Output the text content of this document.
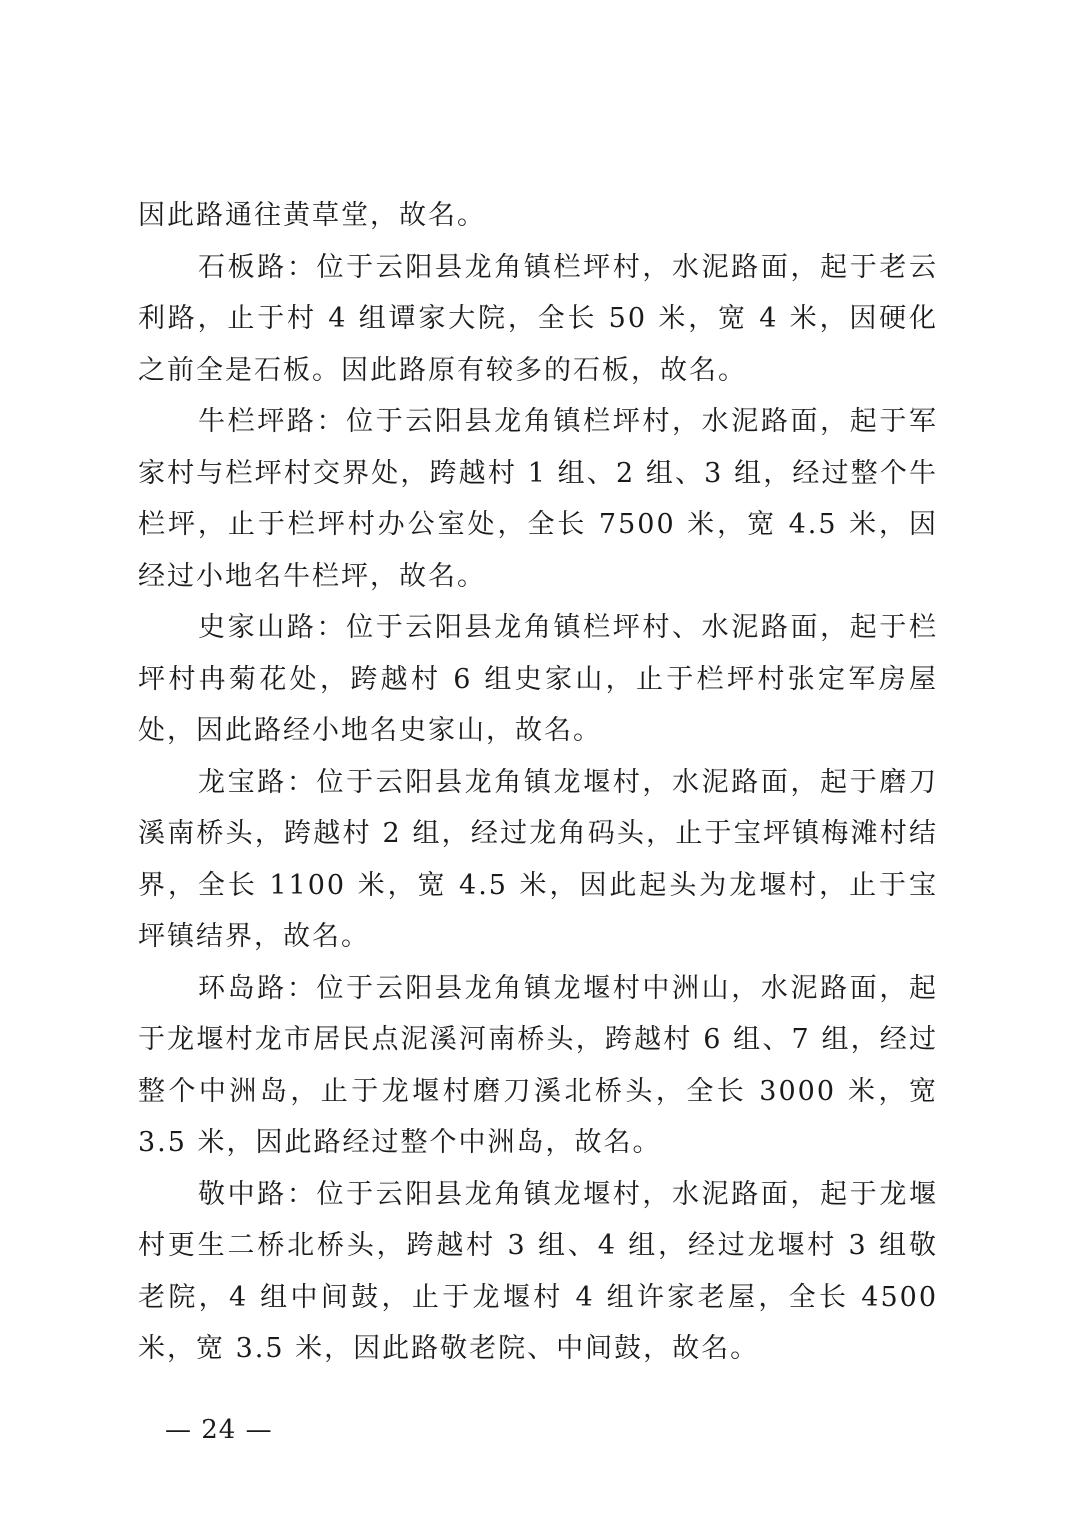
因此路通往黄草堂，故名。

石板路：位于云阳县龙角镇栏坪村，水泥路面，起于老云利路，止于村 4 组谭家大院，全长 50 米，宽 4 米，因硬化之前全是石板。因此路原有较多的石板，故名。

牛栏坪路：位于云阳县龙角镇栏坪村，水泥路面，起于军家村与栏坪村交界处，跨越村 1 组、2 组、3 组，经过整个牛栏坪，止于栏坪村办公室处，全长 7500 米，宽 4.5 米，因经过小地名牛栏坪，故名。

史家山路：位于云阳县龙角镇栏坪村、水泥路面，起于栏坪村冉菊花处，跨越村 6 组史家山，止于栏坪村张定军房屋处，因此路经小地名史家山，故名。

龙宝路：位于云阳县龙角镇龙堰村，水泥路面，起于磨刀溪南桥头，跨越村 2 组，经过龙角码头，止于宝坪镇梅滩村结界，全长 1100 米，宽 4.5 米，因此起头为龙堰村，止于宝坪镇结界，故名。

环岛路：位于云阳县龙角镇龙堰村中洲山，水泥路面，起于龙堰村龙市居民点泥溪河南桥头，跨越村 6 组、7 组，经过整个中洲岛，止于龙堰村磨刀溪北桥头，全长 3000 米，宽 3.5 米，因此路经过整个中洲岛，故名。

敬中路：位于云阳县龙角镇龙堰村，水泥路面，起于龙堰村更生二桥北桥头，跨越村 3 组、4 组，经过龙堰村 3 组敬老院，4 组中间鼓，止于龙堰村 4 组许家老屋，全长 4500 米，宽 3.5 米，因此路敬老院、中间鼓，故名。

— 24 —
